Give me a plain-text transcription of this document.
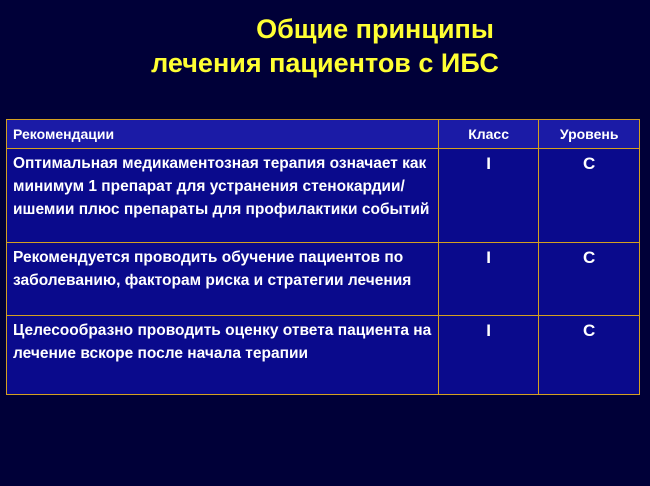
Общие принципы
лечения пациентов с ИБС
Рекомендации	Класс	Уровень
Оптимальная медикаментозная терапия означает как минимум 1 препарат для устранения стенокардии/ишемии плюс препараты для профилактики событий	I	C
Рекомендуется проводить обучение пациентов по заболеванию, факторам риска и стратегии лечения	I	C
Целесообразно проводить оценку ответа пациента на лечение вскоре после начала терапии	I	C
